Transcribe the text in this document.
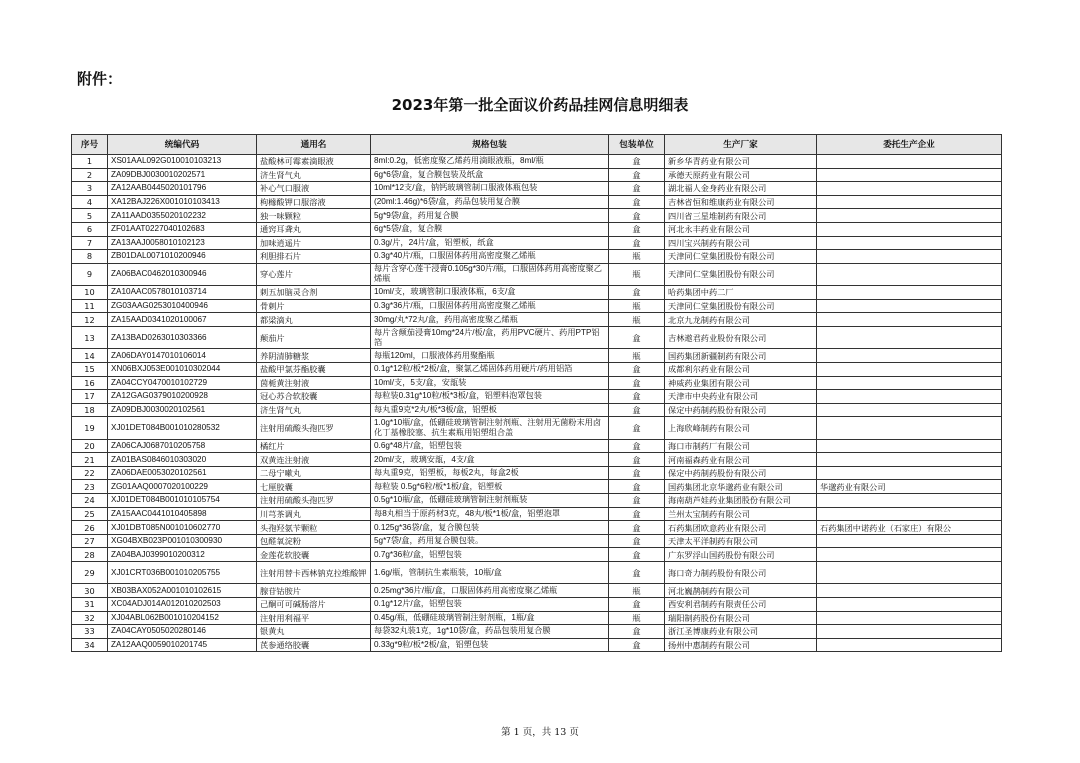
附件：
2023年第一批全面议价药品挂网信息明细表
序号	统编代码	通用名	规格包装	包装单位	生产厂家	委托生产企业
1	XS01AAL092G010010103213	盐酸林可霉素滴眼液	8ml:0.2g，低密度聚乙烯药用滴眼液瓶，8ml/瓶	盒	新乡华青药业有限公司	
2	ZA09DBJ0030010202571	济生肾气丸	6g*6袋/盒，复合膜包装及纸盒	盒	承德天原药业有限公司	
3	ZA12AAB0445020101796	补心气口服液	10ml*12支/盒，钠钙玻璃管制口服液体瓶包装	盒	湖北福人金身药业有限公司	
4	XA12BAJ226X001010103413	枸橼酸钾口服溶液	(20ml:1.46g)*6袋/盒，药品包装用复合膜	盒	吉林省恒和维康药业有限公司	
5	ZA11AAD0355020102232	独一味颗粒	5g*9袋/盒，药用复合膜	盒	四川省三星堆制药有限公司	
6	ZF01AAT0227040102683	通窍耳聋丸	6g*5袋/盒，复合膜	盒	河北永丰药业有限公司	
7	ZA13AAJ0058010102123	加味逍遥片	0.3g/片，24片/盒，铝塑板，纸盒	盒	四川宝兴制药有限公司	
8	ZB01DAL0071010200946	利胆排石片	0.3g*40片/瓶，口服固体药用高密度聚乙烯瓶	瓶	天津同仁堂集团股份有限公司	
9	ZA06BAC0462010300946	穿心莲片	每片含穿心莲干浸膏0.105g*30片/瓶，口服固体药用高密度聚乙烯瓶	瓶	天津同仁堂集团股份有限公司	
10	ZA10AAC0578010103714	刺五加脑灵合剂	10ml/支，玻璃管制口服液体瓶，6支/盒	盒	哈药集团中药二厂	
11	ZG03AAG0253010400946	骨刺片	0.3g*36片/瓶，口服固体药用高密度聚乙烯瓶	瓶	天津同仁堂集团股份有限公司	
12	ZA15AAD0341020100067	都梁滴丸	30mg/丸*72丸/盒，药用高密度聚乙烯瓶	瓶	北京九龙制药有限公司	
13	ZA13BAD0263010303366	颠茄片	每片含颠茄浸膏10mg*24片/板/盒，药用PVC硬片、药用PTP铝箔	盒	吉林遨君药业股份有限公司	
14	ZA06DAY0147010106014	养阴清肺糖浆	每瓶120ml，口服液体药用聚酯瓶	瓶	国药集团新疆制药有限公司	
15	XN06BXJ053E001010302044	盐酸甲氯芬酯胶囊	0.1g*12粒/板*2板/盒，聚氯乙烯固体药用硬片/药用铝箔	盒	成都利尔药业有限公司	
16	ZA04CCY0470010102729	茵栀黄注射液	10ml/支，5支/盒，安瓿装	盒	神威药业集团有限公司	
17	ZA12GAG0379010200928	冠心苏合软胶囊	每粒装0.31g*10粒/板*3板/盒，铝塑料泡罩包装	盒	天津市中央药业有限公司	
18	ZA09DBJ0030020102561	济生肾气丸	每丸重9克*2丸/板*3板/盒，铝塑板	盒	保定中药制药股份有限公司	
19	XJ01DET084B001010280532	注射用硫酸头孢匹罗	1.0g*10瓶/盒，低硼硅玻璃管制注射剂瓶、注射用无菌粉末用卤化丁基橡胶塞、抗生素瓶用铝塑组合盖	盒	上海欣峰制药有限公司	
20	ZA06CAJ0687010205758	橘红片	0.6g*48片/盒，铝塑包装	盒	海口市制药厂有限公司	
21	ZA01BAS0846010303020	双黄连注射液	20ml/支，玻璃安瓿，4支/盒	盒	河南福森药业有限公司	
22	ZA06DAE0053020102561	二母宁嗽丸	每丸重9克，铝塑板，每板2丸，每盒2板	盒	保定中药制药股份有限公司	
23	ZG01AAQ0007020100229	七厘胶囊	每粒装 0.5g*6粒/板*1板/盒，铝塑板	盒	国药集团北京华邈药业有限公司	华邈药业有限公司
24	XJ01DET084B001010105754	注射用硫酸头孢匹罗	0.5g*10瓶/盒，低硼硅玻璃管制注射剂瓶装	盒	海南葫芦娃药业集团股份有限公司	
25	ZA15AAC0441010405898	川芎茶调丸	每8丸相当于原药材3克，48丸/板*1板/盒，铝塑泡罩	盒	兰州太宝制药有限公司	
26	XJ01DBT085N001010602770	头孢羟氨苄颗粒	0.125g*36袋/盒，复合膜包装	盒	石药集团欧意药业有限公司	石药集团中诺药业（石家庄）有限公
27	XG04BXB023P001010300930	包醛氧淀粉	5g*7袋/盒，药用复合膜包装。	盒	天津太平洋制药有限公司	
28	ZA04BAJ0399010200312	金莲花软胶囊	0.7g*36粒/盒，铝塑包装	盒	广东罗浮山国药股份有限公司	
29	XJ01CRT036B001010205755	注射用替卡西林钠克拉维酸钾	1.6g/瓶，管制抗生素瓶装，10瓶/盒	盒	海口奇力制药股份有限公司	
30	XB03BAX052A001010102615	腺苷钴胺片	0.25mg*36片/瓶/盒，口服固体药用高密度聚乙烯瓶	瓶	河北巍鹊制药有限公司	
31	XC04ADJ014A012010202503	己酮可可碱肠溶片	0.1g*12片/盒，铝塑包装	盒	西安利君制药有限责任公司	
32	XJ04ABL062B001010204152	注射用利福平	0.45g/瓶，低硼硅玻璃管制注射剂瓶，1瓶/盒	瓶	瑞阳制药股份有限公司	
33	ZA04CAY0505020280146	银黄丸	每袋32丸装1克，1g*10袋/盒，药品包装用复合膜	盒	浙江圣博康药业有限公司	
34	ZA12AAQ0059010201745	芪参通络胶囊	0.33g*9粒/板*2板/盒，铝塑包装	盒	扬州中惠制药有限公司	
第 1 页，共 13 页
